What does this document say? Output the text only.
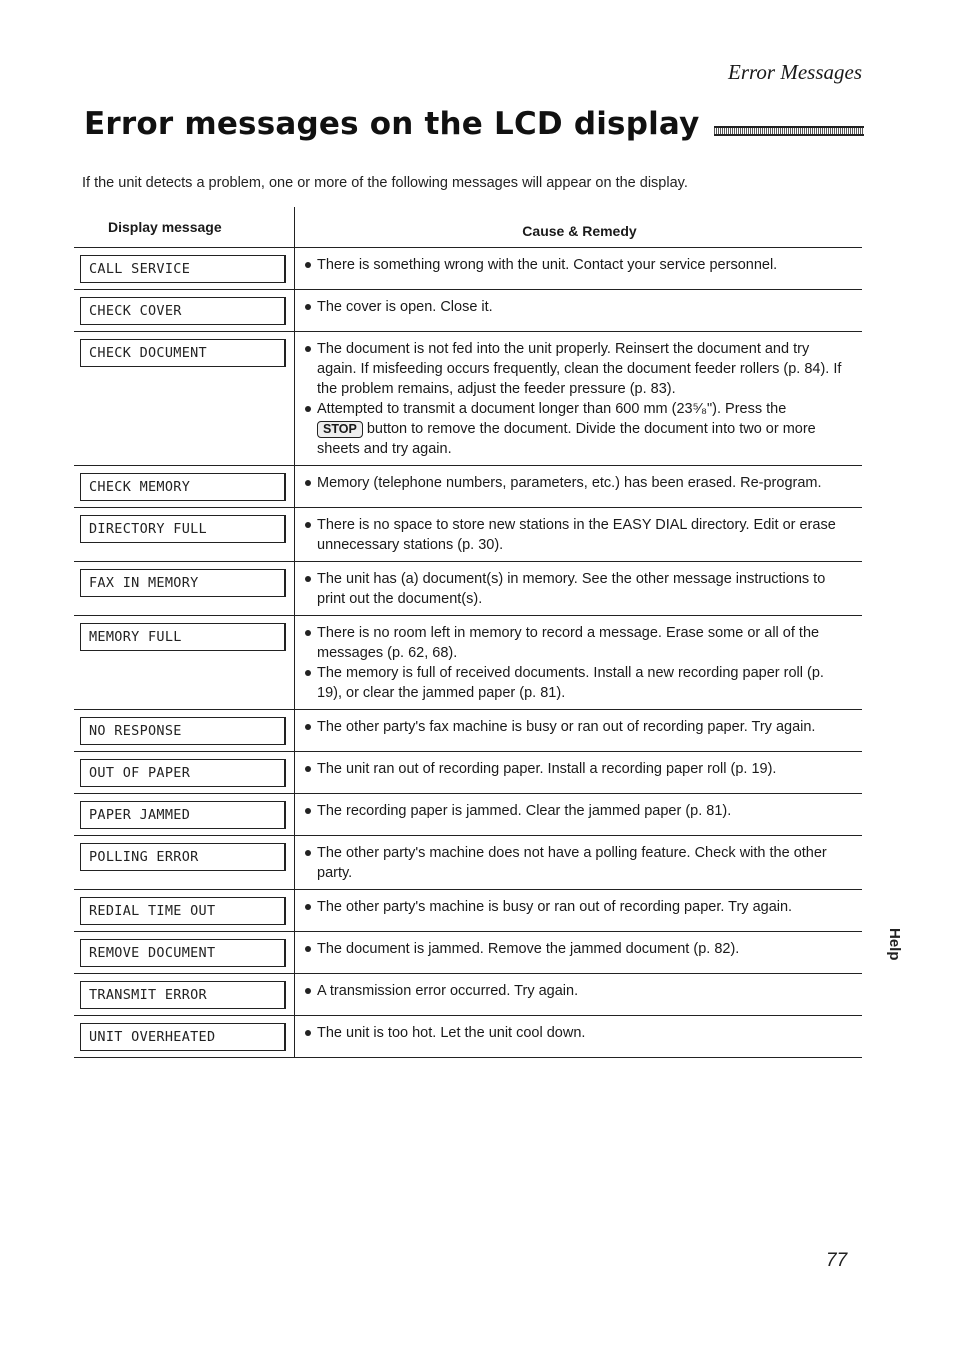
Error Messages
Error messages on the LCD display

If the unit detects a problem, one or more of the following messages will appear on the display.

Display message	Cause & Remedy

CALL SERVICE	There is something wrong with the unit. Contact your service personnel.

CHECK COVER	The cover is open. Close it.

CHECK DOCUMENT	The document is not fed into the unit properly. Reinsert the document and try again. If misfeeding occurs frequently, clean the document feeder rollers (p. 84). If the problem remains, adjust the feeder pressure (p. 83).

Attempted to transmit a document longer than 600 mm (23⁵⁄₈"). Press the
STOP button to remove the document. Divide the document into two or more sheets and try again.

CHECK MEMORY	Memory (telephone numbers, parameters, etc.) has been erased. Re-program.

DIRECTORY FULL	There is no space to store new stations in the EASY DIAL directory. Edit or erase unnecessary stations (p. 30).

FAX IN MEMORY	The unit has (a) document(s) in memory. See the other message instructions to print out the document(s).

MEMORY FULL	There is no room left in memory to record a message. Erase some or all of the messages (p. 62, 68).

The memory is full of received documents. Install a new recording paper roll (p. 19), or clear the jammed paper (p. 81).

NO RESPONSE	The other party's fax machine is busy or ran out of recording paper. Try again.

OUT OF PAPER	The unit ran out of recording paper. Install a recording paper roll (p. 19).

PAPER JAMMED	The recording paper is jammed. Clear the jammed paper (p. 81).

POLLING ERROR	The other party's machine does not have a polling feature. Check with the other party.

REDIAL TIME OUT	The other party's machine is busy or ran out of recording paper. Try again.

REMOVE DOCUMENT	The document is jammed. Remove the jammed document (p. 82).

TRANSMIT ERROR	A transmission error occurred. Try again.

UNIT OVERHEATED	The unit is too hot. Let the unit cool down.

Help
77
